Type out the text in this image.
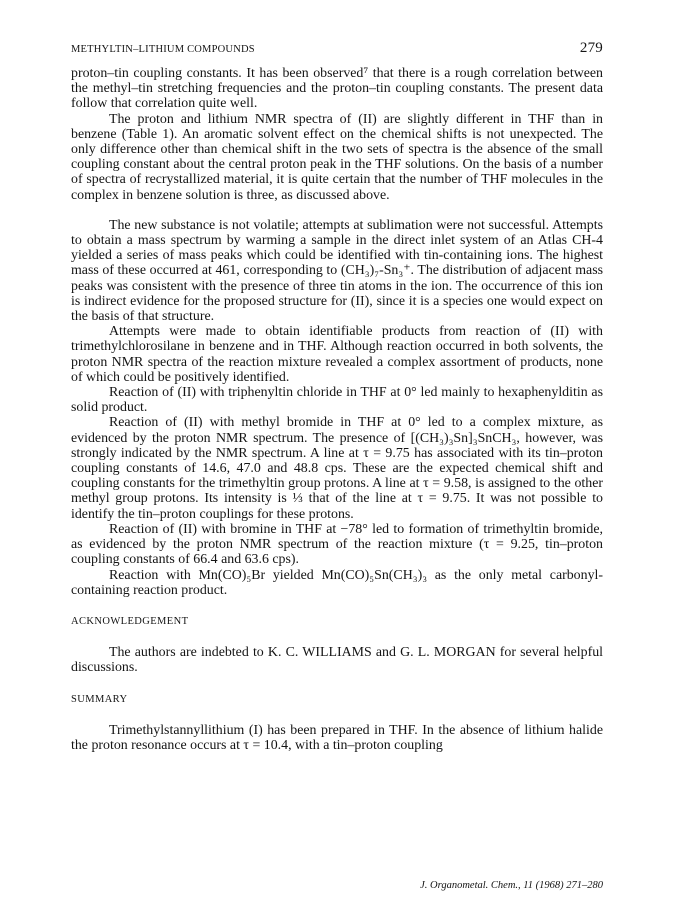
METHYLTIN–LITHIUM COMPOUNDS	279

proton–tin coupling constants. It has been observed⁷ that there is a rough correlation between the methyl–tin stretching frequencies and the proton–tin coupling constants. The present data follow that correlation quite well.

The proton and lithium NMR spectra of (II) are slightly different in THF than in benzene (Table 1). An aromatic solvent effect on the chemical shifts is not unexpected. The only difference other than chemical shift in the two sets of spectra is the absence of the small coupling constant about the central proton peak in the THF solutions. On the basis of a number of spectra of recrystallized material, it is quite certain that the number of THF molecules in the complex in benzene solution is three, as discussed above.

The new substance is not volatile; attempts at sublimation were not successful. Attempts to obtain a mass spectrum by warming a sample in the direct inlet system of an Atlas CH-4 yielded a series of mass peaks which could be identified with tin-containing ions. The highest mass of these occurred at 461, corresponding to (CH₃)₇-Sn₃⁺. The distribution of adjacent mass peaks was consistent with the presence of three tin atoms in the ion. The occurrence of this ion is indirect evidence for the proposed structure for (II), since it is a species one would expect on the basis of that structure.

Attempts were made to obtain identifiable products from reaction of (II) with trimethylchlorosilane in benzene and in THF. Although reaction occurred in both solvents, the proton NMR spectra of the reaction mixture revealed a complex assortment of products, none of which could be positively identified.

Reaction of (II) with triphenyltin chloride in THF at 0° led mainly to hexaphenylditin as solid product.

Reaction of (II) with methyl bromide in THF at 0° led to a complex mixture, as evidenced by the proton NMR spectrum. The presence of [(CH₃)₃Sn]₃SnCH₃, however, was strongly indicated by the NMR spectrum. A line at τ = 9.75 has associated with its tin–proton coupling constants of 14.6, 47.0 and 48.8 cps. These are the expected chemical shift and coupling constants for the trimethyltin group protons. A line at τ = 9.58, is assigned to the other methyl group protons. Its intensity is ⅓ that of the line at τ = 9.75. It was not possible to identify the tin–proton couplings for these protons.

Reaction of (II) with bromine in THF at −78° led to formation of trimethyltin bromide, as evidenced by the proton NMR spectrum of the reaction mixture (τ = 9.25, tin–proton coupling constants of 66.4 and 63.6 cps).

Reaction with Mn(CO)₅Br yielded Mn(CO)₅Sn(CH₃)₃ as the only metal carbonyl-containing reaction product.

ACKNOWLEDGEMENT

The authors are indebted to K. C. WILLIAMS and G. L. MORGAN for several helpful discussions.

SUMMARY

Trimethylstannyllithium (I) has been prepared in THF. In the absence of lithium halide the proton resonance occurs at τ = 10.4, with a tin–proton coupling

J. Organometal. Chem., 11 (1968) 271–280
